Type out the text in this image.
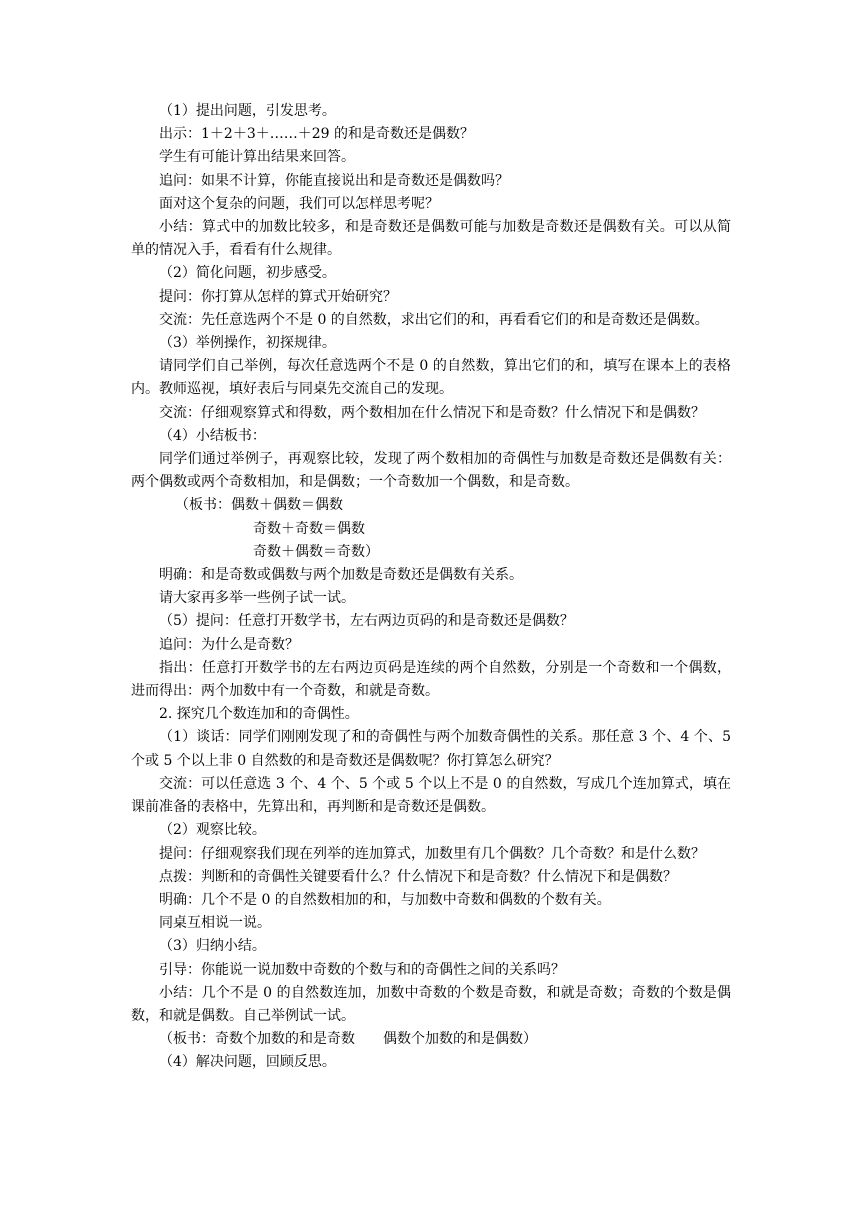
（1）提出问题，引发思考。

出示：1＋2＋3＋……＋29 的和是奇数还是偶数？

学生有可能计算出结果来回答。

追问：如果不计算，你能直接说出和是奇数还是偶数吗？

面对这个复杂的问题，我们可以怎样思考呢？

小结：算式中的加数比较多，和是奇数还是偶数可能与加数是奇数还是偶数有关。可以从简单的情况入手，看看有什么规律。

（2）简化问题，初步感受。

提问：你打算从怎样的算式开始研究？

交流：先任意选两个不是 0 的自然数，求出它们的和，再看看它们的和是奇数还是偶数。

（3）举例操作，初探规律。

请同学们自己举例，每次任意选两个不是 0 的自然数，算出它们的和，填写在课本上的表格内。教师巡视，填好表后与同桌先交流自己的发现。

交流：仔细观察算式和得数，两个数相加在什么情况下和是奇数？什么情况下和是偶数？

（4）小结板书：

同学们通过举例子，再观察比较，发现了两个数相加的奇偶性与加数是奇数还是偶数有关：两个偶数或两个奇数相加，和是偶数；一个奇数加一个偶数，和是奇数。

（板书：偶数＋偶数＝偶数

奇数＋奇数＝偶数

奇数＋偶数＝奇数）

明确：和是奇数或偶数与两个加数是奇数还是偶数有关系。

请大家再多举一些例子试一试。

（5）提问：任意打开数学书，左右两边页码的和是奇数还是偶数？

追问：为什么是奇数？

指出：任意打开数学书的左右两边页码是连续的两个自然数，分别是一个奇数和一个偶数，进而得出：两个加数中有一个奇数，和就是奇数。

2. 探究几个数连加和的奇偶性。

（1）谈话：同学们刚刚发现了和的奇偶性与两个加数奇偶性的关系。那任意 3 个、4 个、5 个或 5 个以上非 0 自然数的和是奇数还是偶数呢？你打算怎么研究？

交流：可以任意选 3 个、4 个、5 个或 5 个以上不是 0 的自然数，写成几个连加算式，填在课前准备的表格中，先算出和，再判断和是奇数还是偶数。

（2）观察比较。

提问：仔细观察我们现在列举的连加算式，加数里有几个偶数？几个奇数？和是什么数？

点拨：判断和的奇偶性关键要看什么？什么情况下和是奇数？什么情况下和是偶数？

明确：几个不是 0 的自然数相加的和，与加数中奇数和偶数的个数有关。

同桌互相说一说。

（3）归纳小结。

引导：你能说一说加数中奇数的个数与和的奇偶性之间的关系吗？

小结：几个不是 0 的自然数连加，加数中奇数的个数是奇数，和就是奇数；奇数的个数是偶数，和就是偶数。自己举例试一试。

（板书：奇数个加数的和是奇数　　偶数个加数的和是偶数）

（4）解决问题，回顾反思。
